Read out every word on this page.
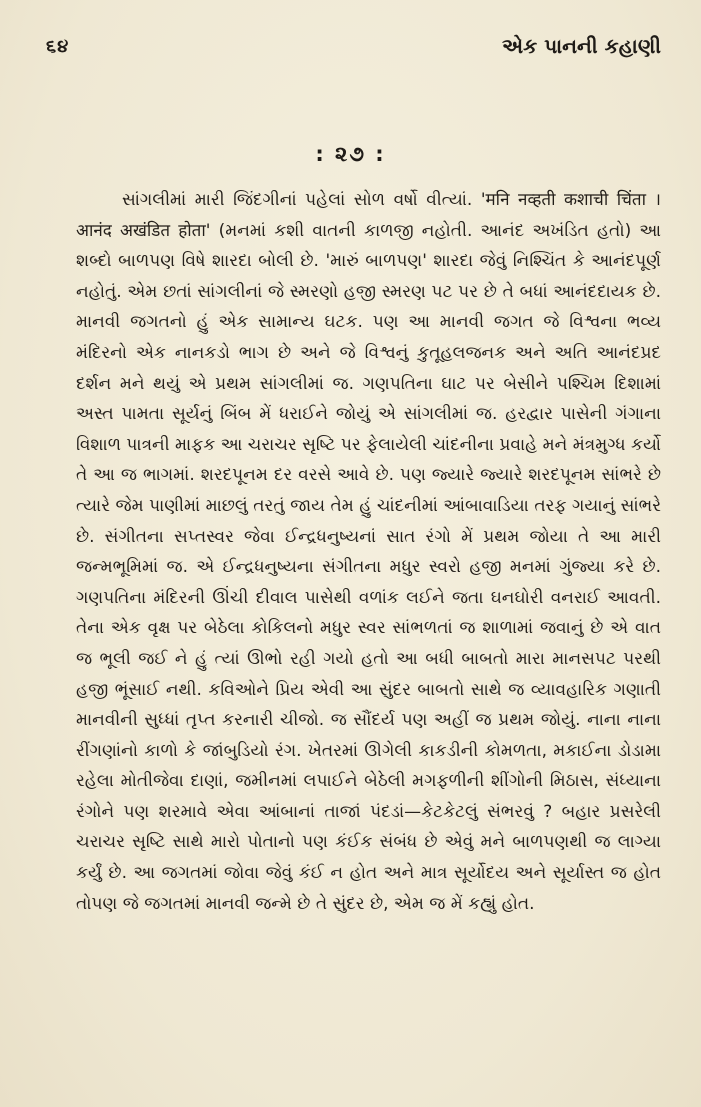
૬૪	એક પાનની કહાણી
: ૨૭ :

સાંગલીમાં મારી જિંદગીનાં પહેલાં સોળ વર્ષો વીત્યાં. 'मनि नव्हती कशाची चिंता । आनंद अखंडित होता' (મનમાં કશી વાતની કાળજી નહોતી. આનંદ અખંડિત હતો) આ શબ્દો બાળપણ વિષે શારદા બોલી છે. 'મારું બાળપણ' શારદા જેવું નિશ્ચિંત કે આનંદપૂર્ણ નહોતું. એમ છતાં સાંગલીનાં જે સ્મરણો હજી સ્મરણ પટ પર છે તે બધાં આનંદદાયક છે. માનવી જગતનો હું એક સામાન્ય ઘટક. પણ આ માનવી જગત જે વિશ્વના ભવ્ય મંદિરનો એક નાનકડો ભાગ છે અને જે વિશ્વનું કુતૂહલજનક અને અતિ આનંદપ્રદ દર્શન મને થયું એ પ્રથમ સાંગલીમાં જ. ગણપતિના ઘાટ પર બેસીને પશ્ચિમ દિશામાં અસ્ત પામતા સૂર્યનું બિંબ મેં ધરાઈને જોયું એ સાંગલીમાં જ. હરદ્વાર પાસેની ગંગાના વિશાળ પાત્રની માફક આ ચરાચર સૃષ્ટિ પર ફેલાયેલી ચાંદનીના પ્રવાહે મને મંત્રમુગ્ધ કર્યો તે આ જ ભાગમાં. શરદપૂનમ દર વરસે આવે છે. પણ જ્યારે જ્યારે શરદપૂનમ સાંભરે છે ત્યારે જેમ પાણીમાં માછલું તરતું જાય તેમ હું ચાંદનીમાં આંબાવાડિયા તરફ ગયાનું સાંભરે છે. સંગીતના સપ્તસ્વર જેવા ઈન્દ્રધનુષ્યનાં સાત રંગો મેં પ્રથમ જોયા તે આ મારી જન્મભૂમિમાં જ. એ ઈન્દ્રધનુષ્યના સંગીતના મધુર સ્વરો હજી મનમાં ગુંજ્યા કરે છે. ગણપતિના મંદિરની ઊંચી દીવાલ પાસેથી વળાંક લઈને જતા ઘનઘોરી વનરાઈ આવતી. તેના એક વૃક્ષ પર બેઠેલા કોકિલનો મધુર સ્વર સાંભળતાં જ શાળામાં જવાનું છે એ વાત જ ભૂલી જઈ ને હું ત્યાં ઊભો રહી ગયો હતો આ બધી બાબતો મારા માનસપટ પરથી હજી ભૂંસાઈ નથી. કવિઓને પ્રિય એવી આ સુંદર બાબતો સાથે જ વ્યાવહારિક ગણાતી માનવીની સુધ્ધાં તૃપ્ત કરનારી ચીજો. જ સૌંદર્ય પણ અહીં જ પ્રથમ જોયું. નાના નાના રીંગણાંનો કાળો કે જાંબુડિયો રંગ. ખેતરમાં ઊગેલી કાકડીની કોમળતા, મકાઈના ડોડામા રહેલા મોતીજેવા દાણાં, જમીનમાં લપાઈને બેઠેલી મગફળીની શીંગોની મિઠાસ, સંધ્યાના રંગોને પણ શરમાવે એવા આંબાનાં તાજાં પંદડાં—કેટકેટલું સંભરવું ? બહાર પ્રસરેલી ચરાચર સૃષ્ટિ સાથે મારો પોતાનો પણ કંઈક સંબંધ છે એવું મને બાળપણથી જ લાગ્યા કર્યું છે. આ જગતમાં જોવા જેવું કંઈ ન હોત અને માત્ર સૂર્યોદય અને સૂર્યાસ્ત જ હોત તોપણ જે જગતમાં માનવી જન્મે છે તે સુંદર છે, એમ જ મેં કહ્યું હોત.
